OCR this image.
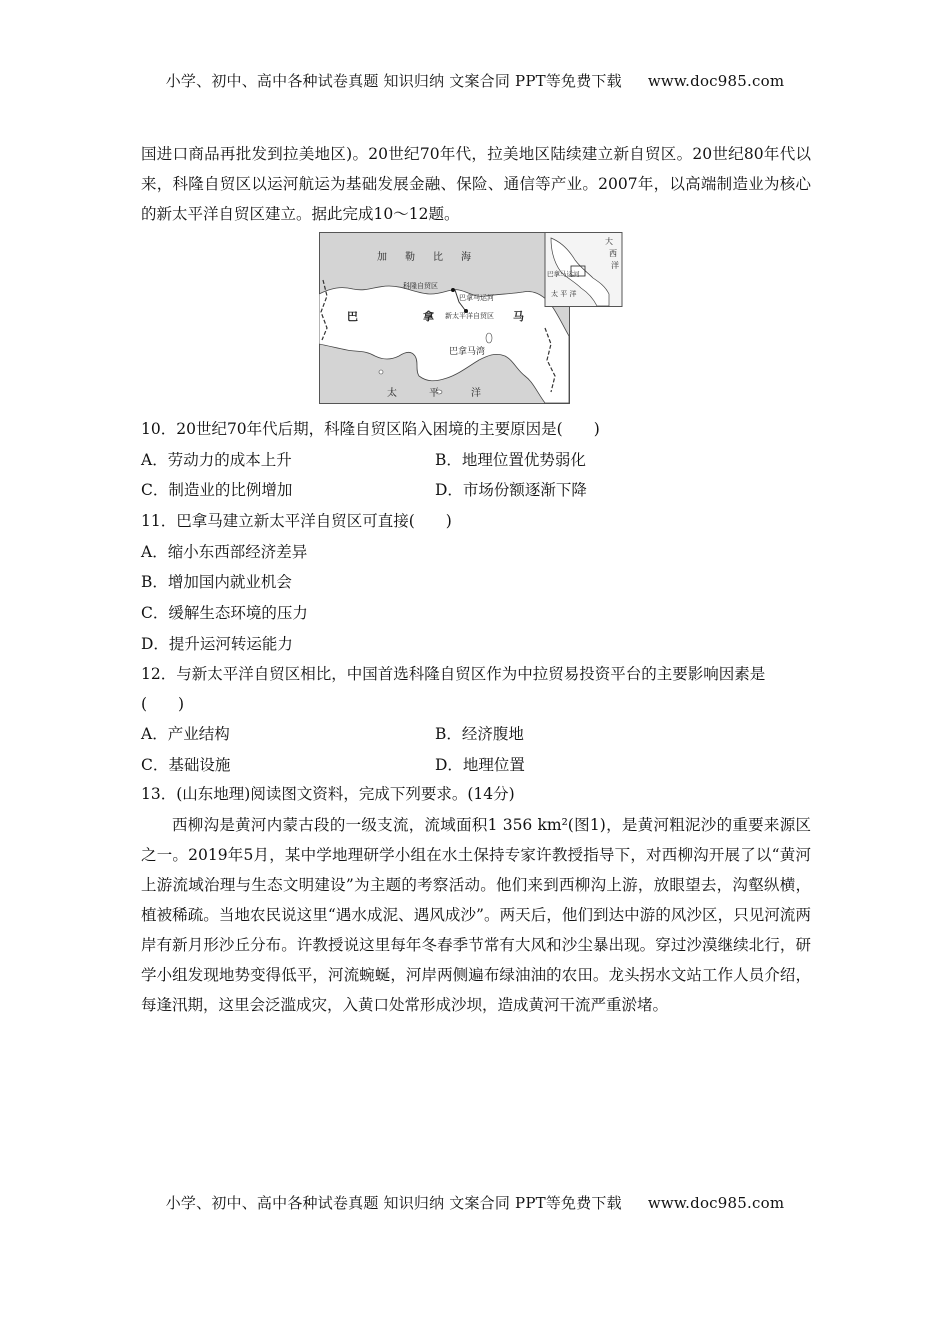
小学、初中、高中各种试卷真题 知识归纳 文案合同 PPT等免费下载 www.doc985.com
国进口商品再批发到拉美地区)。20世纪70年代，拉美地区陆续建立新自贸区。20世纪80年代以来，科隆自贸区以运河航运为基础发展金融、保险、通信等产业。2007年，以高端制造业为核心的新太平洋自贸区建立。据此完成10～12题。
加 勒 比 海
科隆自贸区
巴拿马运河
新太平洋自贸区
巴	拿	马
巴拿马湾
太	平	洋
大
西
洋
巴拿马运河
太 平 洋
10．20世纪70年代后期，科隆自贸区陷入困境的主要原因是(　　)
A．劳动力的成本上升	B．地理位置优势弱化
C．制造业的比例增加	D．市场份额逐渐下降
11．巴拿马建立新太平洋自贸区可直接(　　)
A．缩小东西部经济差异
B．增加国内就业机会
C．缓解生态环境的压力
D．提升运河转运能力
12．与新太平洋自贸区相比，中国首选科隆自贸区作为中拉贸易投资平台的主要影响因素是
(　　)
A．产业结构	B．经济腹地
C．基础设施	D．地理位置
13．(山东地理)阅读图文资料，完成下列要求。(14分)
西柳沟是黄河内蒙古段的一级支流，流域面积1 356 km²(图1)，是黄河粗泥沙的重要来源区之一。2019年5月，某中学地理研学小组在水土保持专家许教授指导下，对西柳沟开展了以“黄河上游流域治理与生态文明建设”为主题的考察活动。他们来到西柳沟上游，放眼望去，沟壑纵横，植被稀疏。当地农民说这里“遇水成泥、遇风成沙”。两天后，他们到达中游的风沙区，只见河流两岸有新月形沙丘分布。许教授说这里每年冬春季节常有大风和沙尘暴出现。穿过沙漠继续北行，研学小组发现地势变得低平，河流蜿蜒，河岸两侧遍布绿油油的农田。龙头拐水文站工作人员介绍，每逢汛期，这里会泛滥成灾，入黄口处常形成沙坝，造成黄河干流严重淤堵。
小学、初中、高中各种试卷真题 知识归纳 文案合同 PPT等免费下载 www.doc985.com
